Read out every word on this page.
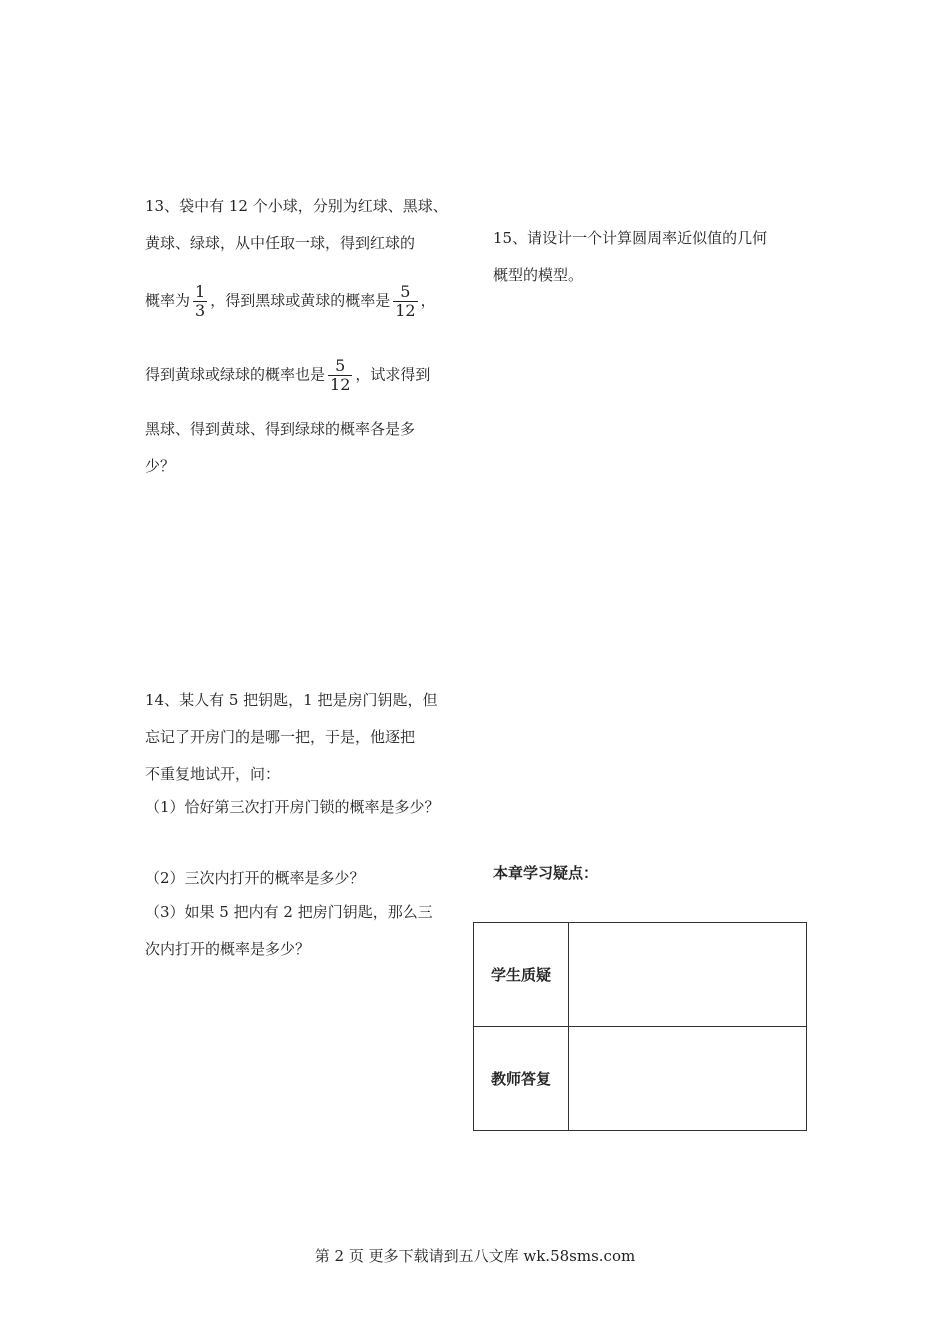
13、袋中有 12 个小球，分别为红球、黑球、
黄球、绿球，从中任取一球，得到红球的
概率为 $\frac{1}{3}$ ，得到黑球或黄球的概率是 $\frac{5}{12}$ ，
得到黄球或绿球的概率也是 $\frac{5}{12}$ ，试求得到
黑球、得到黄球、得到绿球的概率各是多
少？
15、请设计一个计算圆周率近似值的几何
概型的模型。
14、某人有 5 把钥匙，1 把是房门钥匙，但
忘记了开房门的是哪一把，于是，他逐把
不重复地试开，问：
（1）恰好第三次打开房门锁的概率是多少？
（2）三次内打开的概率是多少？
（3）如果 5 把内有 2 把房门钥匙，那么三
次内打开的概率是多少？
本章学习疑点：
学生质疑	
教师答复	
第 2 页 更多下载请到五八文库 wk.58sms.com
